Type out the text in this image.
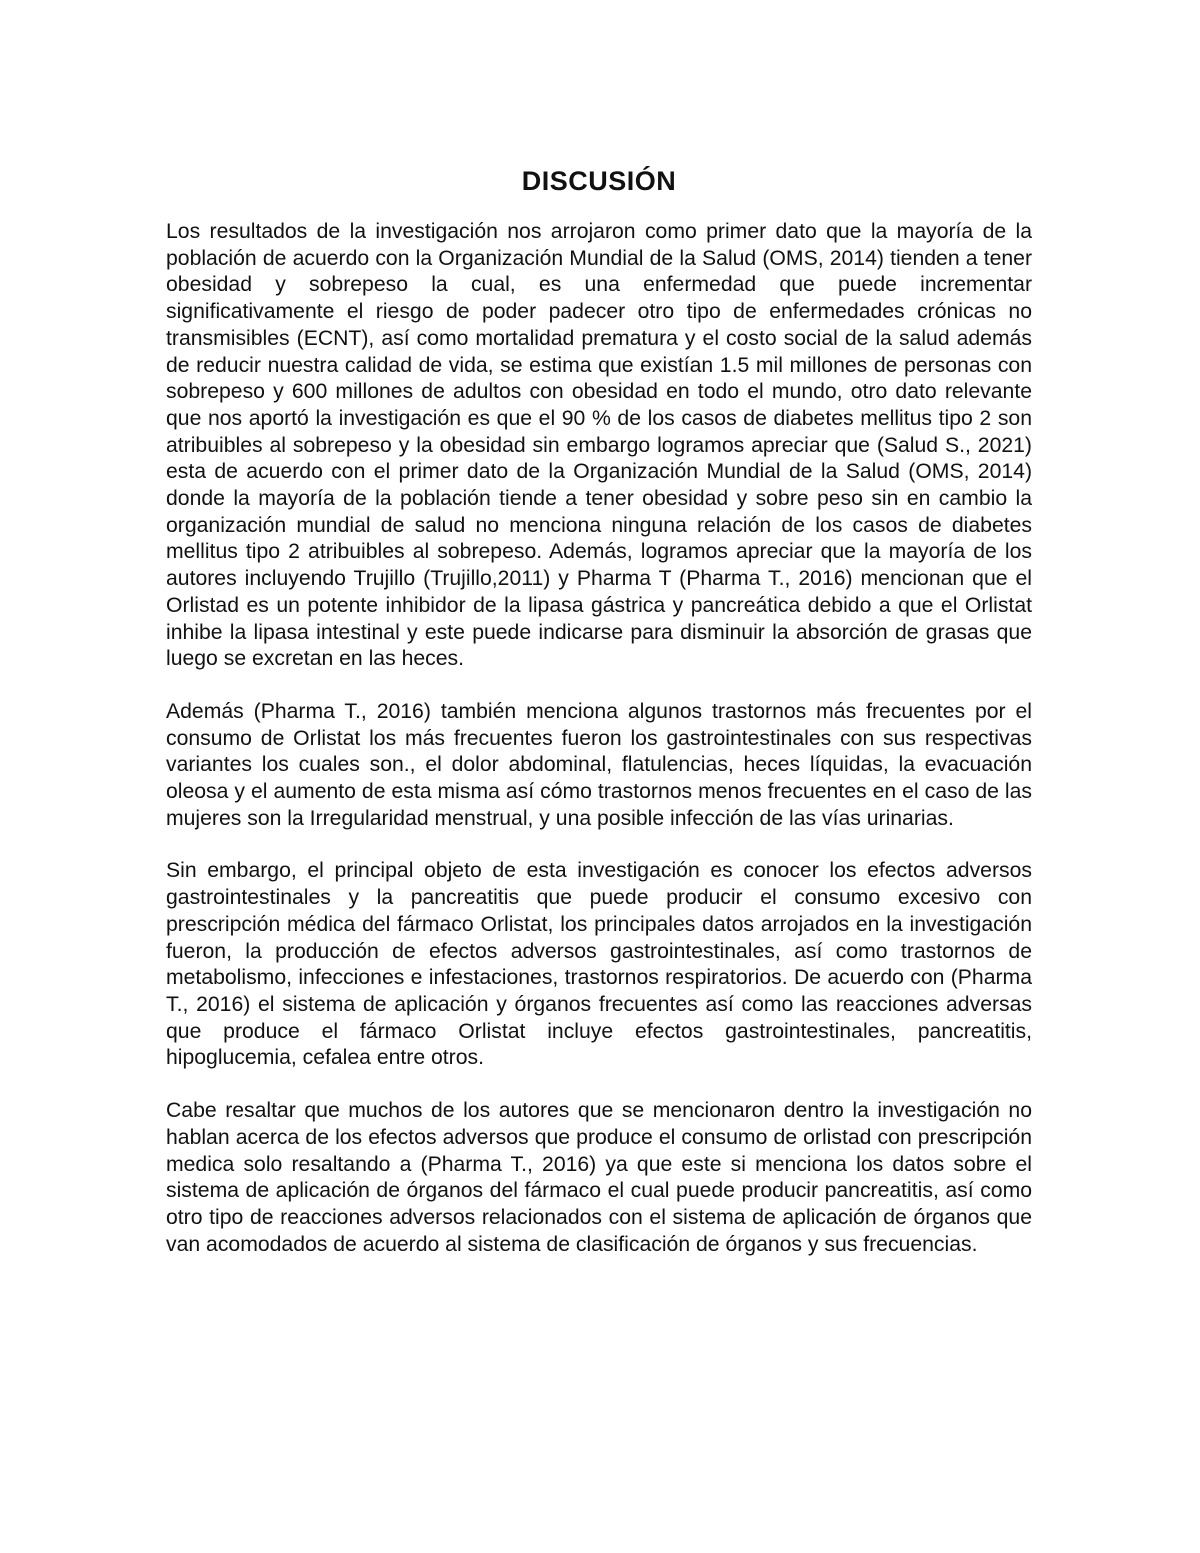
DISCUSIÓN

Los resultados de la investigación nos arrojaron como primer dato que la mayoría de la población de acuerdo con la Organización Mundial de la Salud (OMS, 2014) tienden a tener obesidad y sobrepeso la cual, es una enfermedad que puede incrementar significativamente el riesgo de poder padecer otro tipo de enfermedades crónicas no transmisibles (ECNT), así como mortalidad prematura y el costo social de la salud además de reducir nuestra calidad de vida, se estima que existían 1.5 mil millones de personas con sobrepeso y 600 millones de adultos con obesidad en todo el mundo, otro dato relevante que nos aportó la investigación es que el 90 % de los casos de diabetes mellitus tipo 2 son atribuibles al sobrepeso y la obesidad sin embargo logramos apreciar que (Salud S., 2021) esta de acuerdo con el primer dato de la Organización Mundial de la Salud (OMS, 2014) donde la mayoría de la población tiende a tener obesidad y sobre peso sin en cambio la organización mundial de salud no menciona ninguna relación de los casos de diabetes mellitus tipo 2 atribuibles al sobrepeso. Además, logramos apreciar que la mayoría de los autores incluyendo Trujillo (Trujillo,2011) y Pharma T (Pharma T., 2016) mencionan que el Orlistad es un potente inhibidor de la lipasa gástrica y pancreática debido a que el Orlistat inhibe la lipasa intestinal y este puede indicarse para disminuir la absorción de grasas que luego se excretan en las heces.

Además (Pharma T., 2016) también menciona algunos trastornos más frecuentes por el consumo de Orlistat los más frecuentes fueron los gastrointestinales con sus respectivas variantes los cuales son., el dolor abdominal, flatulencias, heces líquidas, la evacuación oleosa y el aumento de esta misma así cómo trastornos menos frecuentes en el caso de las mujeres son la Irregularidad menstrual, y una posible infección de las vías urinarias.

Sin embargo, el principal objeto de esta investigación es conocer los efectos adversos gastrointestinales y la pancreatitis que puede producir el consumo excesivo con prescripción médica del fármaco Orlistat, los principales datos arrojados en la investigación fueron, la producción de efectos adversos gastrointestinales, así como trastornos de metabolismo, infecciones e infestaciones, trastornos respiratorios. De acuerdo con (Pharma T., 2016) el sistema de aplicación y órganos frecuentes así como las reacciones adversas que produce el fármaco Orlistat incluye efectos gastrointestinales, pancreatitis, hipoglucemia, cefalea entre otros.

Cabe resaltar que muchos de los autores que se mencionaron dentro la investigación no hablan acerca de los efectos adversos que produce el consumo de orlistad con prescripción medica solo resaltando a (Pharma T., 2016) ya que este si menciona los datos sobre el sistema de aplicación de órganos del fármaco el cual puede producir pancreatitis, así como otro tipo de reacciones adversos relacionados con el sistema de aplicación de órganos que van acomodados de acuerdo al sistema de clasificación de órganos y sus frecuencias.
